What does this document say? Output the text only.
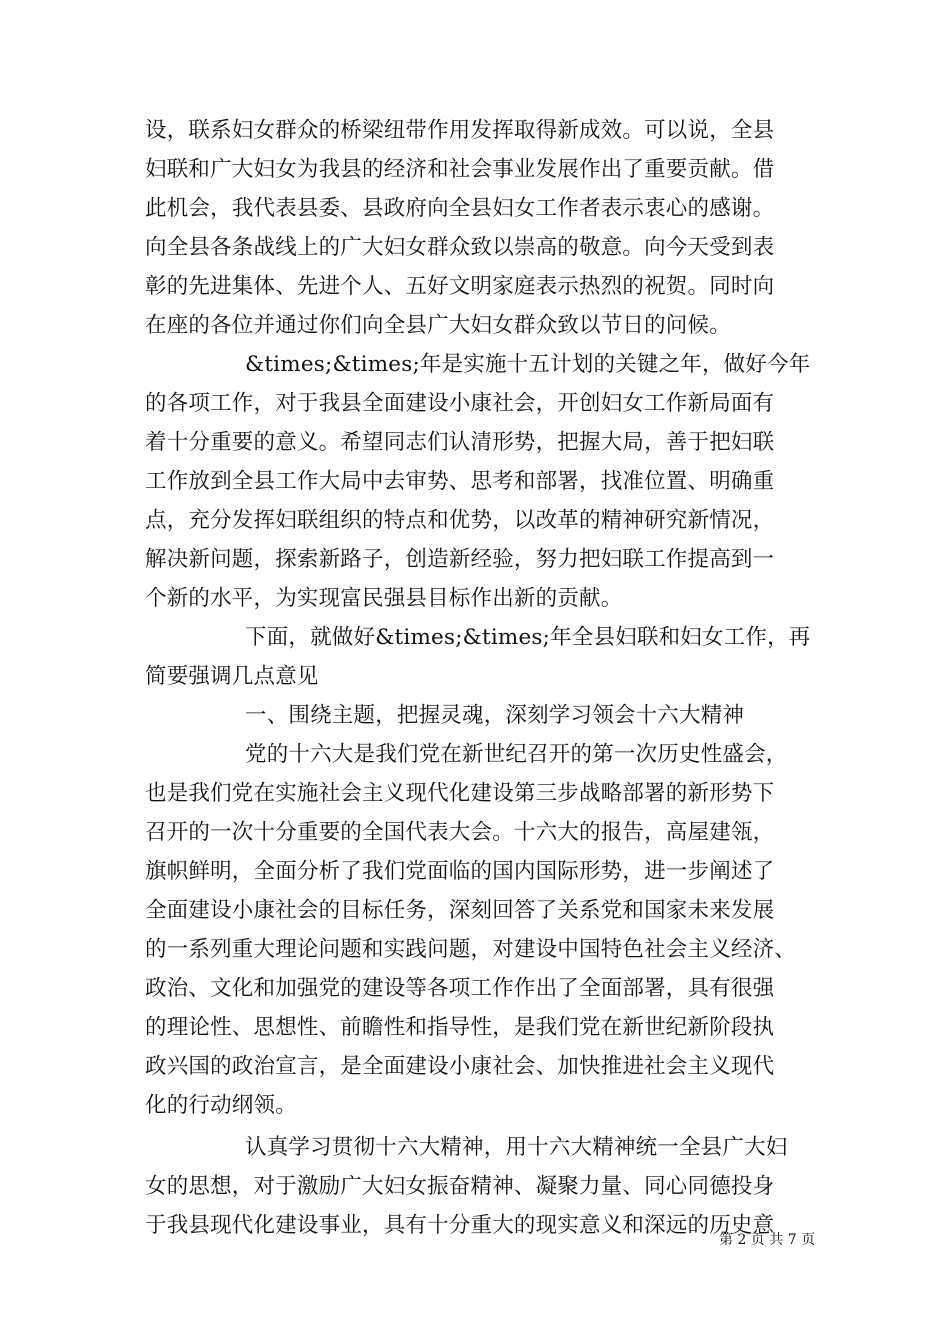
设，联系妇女群众的桥梁纽带作用发挥取得新成效。可以说，全县
妇联和广大妇女为我县的经济和社会事业发展作出了重要贡献。借
此机会，我代表县委、县政府向全县妇女工作者表示衷心的感谢。
向全县各条战线上的广大妇女群众致以崇高的敬意。向今天受到表
彰的先进集体、先进个人、五好文明家庭表示热烈的祝贺。同时向
在座的各位并通过你们向全县广大妇女群众致以节日的问候。
&times;&times;年是实施十五计划的关键之年，做好今年
的各项工作，对于我县全面建设小康社会，开创妇女工作新局面有
着十分重要的意义。希望同志们认清形势，把握大局，善于把妇联
工作放到全县工作大局中去审势、思考和部署，找准位置、明确重
点，充分发挥妇联组织的特点和优势，以改革的精神研究新情况，
解决新问题，探索新路子，创造新经验，努力把妇联工作提高到一
个新的水平，为实现富民强县目标作出新的贡献。
下面，就做好&times;&times;年全县妇联和妇女工作，再
简要强调几点意见
一、围绕主题，把握灵魂，深刻学习领会十六大精神
党的十六大是我们党在新世纪召开的第一次历史性盛会，
也是我们党在实施社会主义现代化建设第三步战略部署的新形势下
召开的一次十分重要的全国代表大会。十六大的报告，高屋建瓴，
旗帜鲜明，全面分析了我们党面临的国内国际形势，进一步阐述了
全面建设小康社会的目标任务，深刻回答了关系党和国家未来发展
的一系列重大理论问题和实践问题，对建设中国特色社会主义经济、
政治、文化和加强党的建设等各项工作作出了全面部署，具有很强
的理论性、思想性、前瞻性和指导性，是我们党在新世纪新阶段执
政兴国的政治宣言，是全面建设小康社会、加快推进社会主义现代
化的行动纲领。
认真学习贯彻十六大精神，用十六大精神统一全县广大妇
女的思想，对于激励广大妇女振奋精神、凝聚力量、同心同德投身
于我县现代化建设事业，具有十分重大的现实意义和深远的历史意
第 2 页 共 7 页
